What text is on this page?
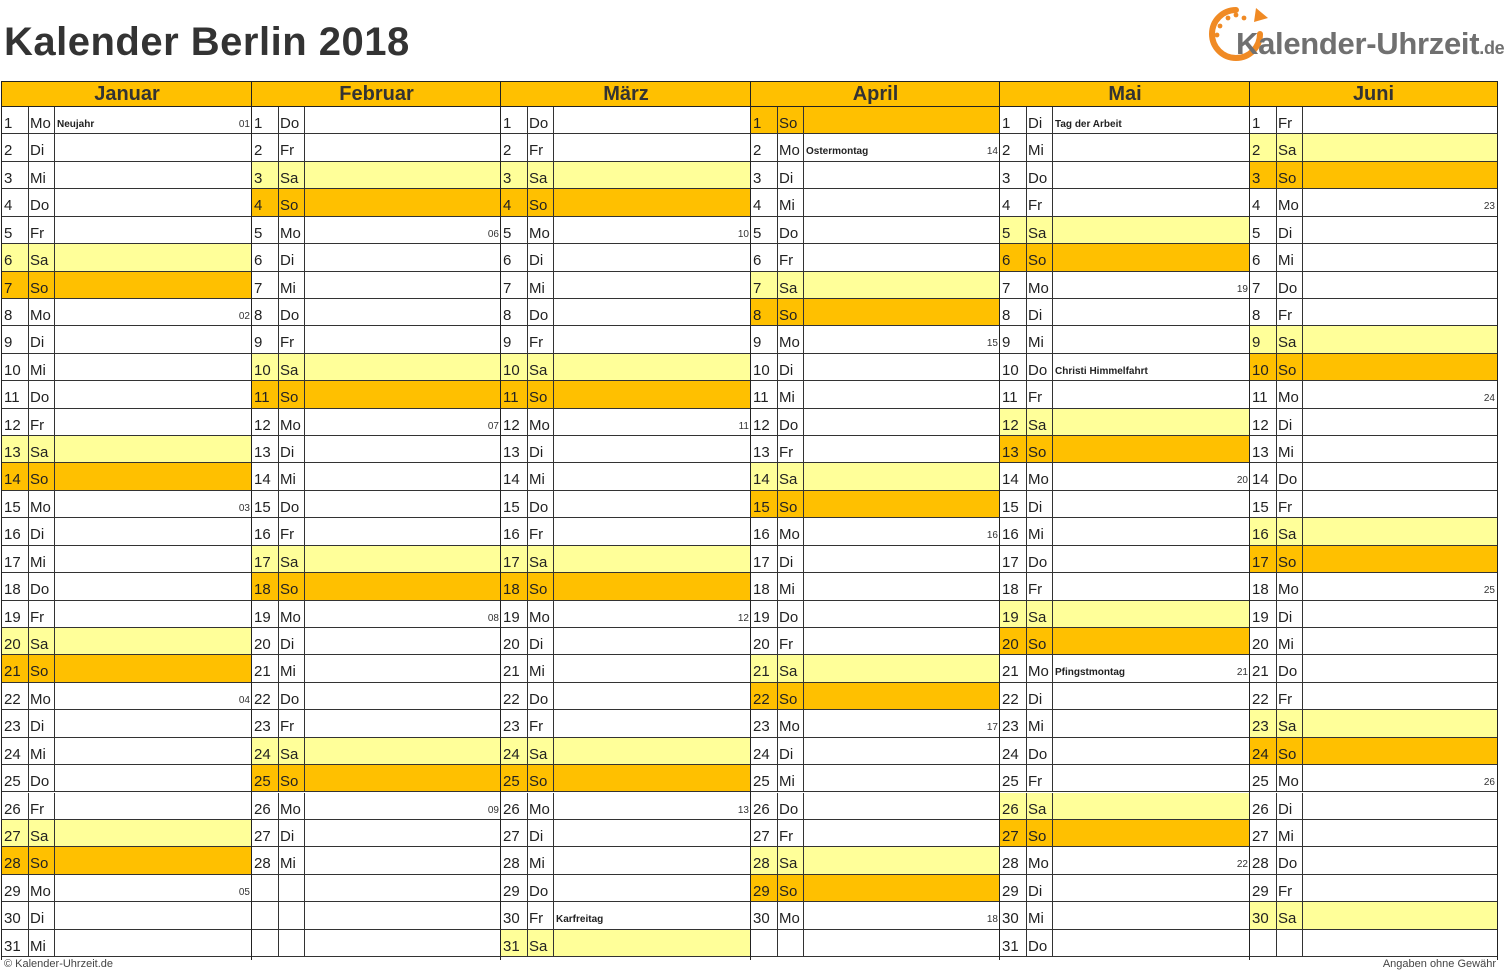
Kalender Berlin 2018	Kalender-Uhrzeit.de
Januar
1 Mo Neujahr	01
2 Di
3 Mi
4 Do
5 Fr
6 Sa
7 So
8 Mo	02
9 Di
10 Mi
11 Do
12 Fr
13 Sa
14 So
15 Mo	03
16 Di
17 Mi
18 Do
19 Fr
20 Sa
21 So
22 Mo	04
23 Di
24 Mi
25 Do
26 Fr
27 Sa
28 So
29 Mo	05
30 Di
31 Mi
Februar
1 Do
2 Fr
3 Sa
4 So
5 Mo	06
6 Di
7 Mi
8 Do
9 Fr
10 Sa
11 So
12 Mo	07
13 Di
14 Mi
15 Do
16 Fr
17 Sa
18 So
19 Mo	08
20 Di
21 Mi
22 Do
23 Fr
24 Sa
25 So
26 Mo	09
27 Di
28 Mi
März
1 Do
2 Fr
3 Sa
4 So
5 Mo	10
6 Di
7 Mi
8 Do
9 Fr
10 Sa
11 So
12 Mo	11
13 Di
14 Mi
15 Do
16 Fr
17 Sa
18 So
19 Mo	12
20 Di
21 Mi
22 Do
23 Fr
24 Sa
25 So
26 Mo	13
27 Di
28 Mi
29 Do
30 Fr Karfreitag
31 Sa
April
1 So
2 Mo Ostermontag	14
3 Di
4 Mi
5 Do
6 Fr
7 Sa
8 So
9 Mo	15
10 Di
11 Mi
12 Do
13 Fr
14 Sa
15 So
16 Mo	16
17 Di
18 Mi
19 Do
20 Fr
21 Sa
22 So
23 Mo	17
24 Di
25 Mi
26 Do
27 Fr
28 Sa
29 So
30 Mo	18
Mai
1 Di Tag der Arbeit
2 Mi
3 Do
4 Fr
5 Sa
6 So
7 Mo	19
8 Di
9 Mi
10 Do Christi Himmelfahrt
11 Fr
12 Sa
13 So
14 Mo	20
15 Di
16 Mi
17 Do
18 Fr
19 Sa
20 So
21 Mo Pfingstmontag	21
22 Di
23 Mi
24 Do
25 Fr
26 Sa
27 So
28 Mo	22
29 Di
30 Mi
31 Do
Juni
1 Fr
2 Sa
3 So
4 Mo	23
5 Di
6 Mi
7 Do
8 Fr
9 Sa
10 So
11 Mo	24
12 Di
13 Mi
14 Do
15 Fr
16 Sa
17 So
18 Mo	25
19 Di
20 Mi
21 Do
22 Fr
23 Sa
24 So
25 Mo	26
26 Di
27 Mi
28 Do
29 Fr
30 Sa
© Kalender-Uhrzeit.de	Angaben ohne Gewähr
